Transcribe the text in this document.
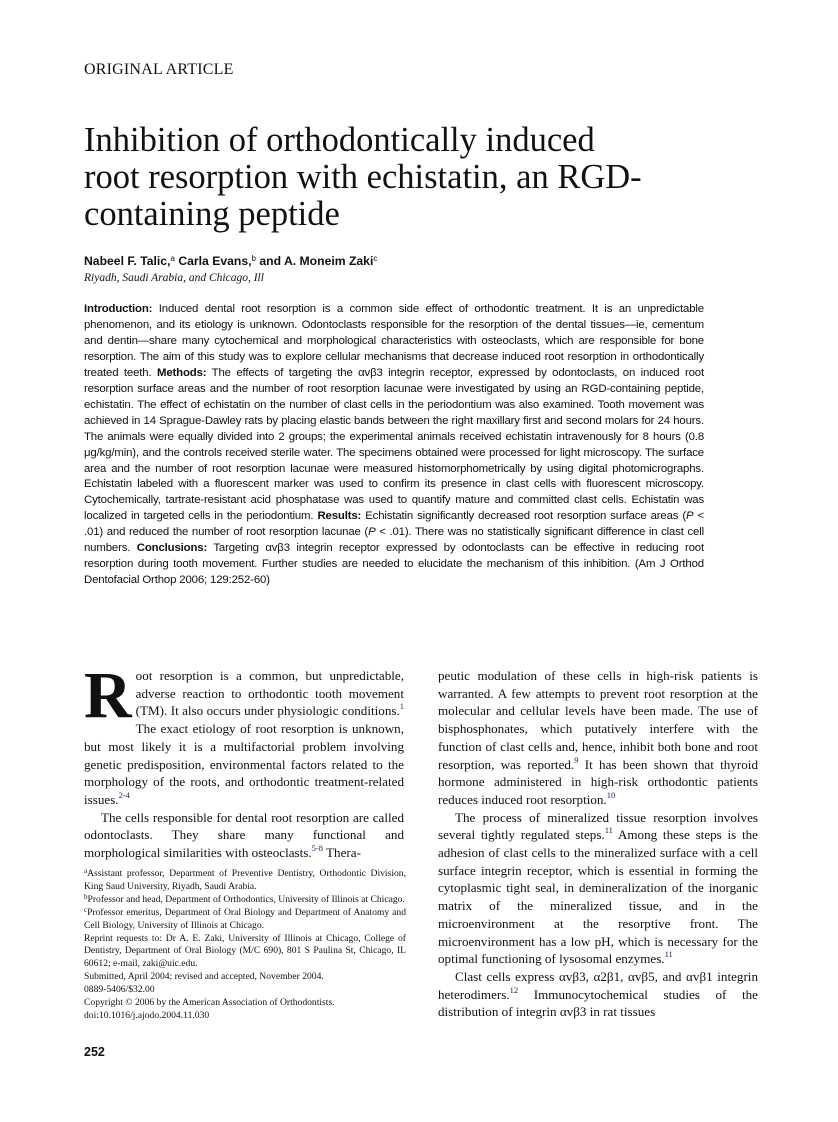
ORIGINAL ARTICLE
Inhibition of orthodontically induced root resorption with echistatin, an RGD-containing peptide
Nabeel F. Talic,$^a$ Carla Evans,$^b$ and A. Moneim Zaki$^c$
Riyadh, Saudi Arabia, and Chicago, Ill
Introduction: Induced dental root resorption is a common side effect of orthodontic treatment. It is an unpredictable phenomenon, and its etiology is unknown. Odontoclasts responsible for the resorption of the dental tissues—ie, cementum and dentin—share many cytochemical and morphological characteristics with osteoclasts, which are responsible for bone resorption. The aim of this study was to explore cellular mechanisms that decrease induced root resorption in orthodontically treated teeth. Methods: The effects of targeting the αvβ3 integrin receptor, expressed by odontoclasts, on induced root resorption surface areas and the number of root resorption lacunae were investigated by using an RGD-containing peptide, echistatin. The effect of echistatin on the number of clast cells in the periodontium was also examined. Tooth movement was achieved in 14 Sprague-Dawley rats by placing elastic bands between the right maxillary first and second molars for 24 hours. The animals were equally divided into 2 groups; the experimental animals received echistatin intravenously for 8 hours (0.8 μg/kg/min), and the controls received sterile water. The specimens obtained were processed for light microscopy. The surface area and the number of root resorption lacunae were measured histomorphometrically by using digital photomicrographs. Echistatin labeled with a fluorescent marker was used to confirm its presence in clast cells with fluorescent microscopy. Cytochemically, tartrate-resistant acid phosphatase was used to quantify mature and committed clast cells. Echistatin was localized in targeted cells in the periodontium. Results: Echistatin significantly decreased root resorption surface areas (P < .01) and reduced the number of root resorption lacunae (P < .01). There was no statistically significant difference in clast cell numbers. Conclusions: Targeting αvβ3 integrin receptor expressed by odontoclasts can be effective in reducing root resorption during tooth movement. Further studies are needed to elucidate the mechanism of this inhibition. (Am J Orthod Dentofacial Orthop 2006; 129:252-60)

Root resorption is a common, but unpredictable, adverse reaction to orthodontic tooth movement (TM). It also occurs under physiologic conditions.$^1$ The exact etiology of root resorption is unknown, but most likely it is a multifactorial problem involving genetic predisposition, environmental factors related to the morphology of the roots, and orthodontic treatment-related issues.$^{2-4}$

The cells responsible for dental root resorption are called odontoclasts. They share many functional and morphological similarities with osteoclasts.$^{5-8}$ Thera-

$^a$Assistant professor, Department of Preventive Dentistry, Orthodontic Division, King Saud University, Riyadh, Saudi Arabia.

$^b$Professor and head, Department of Orthodontics, University of Illinois at Chicago.

$^c$Professor emeritus, Department of Oral Biology and Department of Anatomy and Cell Biology, University of Illinois at Chicago.

Reprint requests to: Dr A. E. Zaki, University of Illinois at Chicago, College of Dentistry, Department of Oral Biology (M/C 690), 801 S Paulina St, Chicago, IL 60612; e-mail, zaki@uic.edu.

Submitted, April 2004; revised and accepted, November 2004.

0889-5406/$32.00

Copyright © 2006 by the American Association of Orthodontists.

doi:10.1016/j.ajodo.2004.11.030

peutic modulation of these cells in high-risk patients is warranted. A few attempts to prevent root resorption at the molecular and cellular levels have been made. The use of bisphosphonates, which putatively interfere with the function of clast cells and, hence, inhibit both bone and root resorption, was reported.$^9$ It has been shown that thyroid hormone administered in high-risk orthodontic patients reduces induced root resorption.$^{10}$

The process of mineralized tissue resorption involves several tightly regulated steps.$^{11}$ Among these steps is the adhesion of clast cells to the mineralized surface with a cell surface integrin receptor, which is essential in forming the cytoplasmic tight seal, in demineralization of the inorganic matrix of the mineralized tissue, and in the microenvironment at the resorptive front. The microenvironment has a low pH, which is necessary for the optimal functioning of lysosomal enzymes.$^{11}$

Clast cells express αvβ3, α2β1, αvβ5, and αvβ1 integrin heterodimers.$^{12}$ Immunocytochemical studies of the distribution of integrin αvβ3 in rat tissues

252
